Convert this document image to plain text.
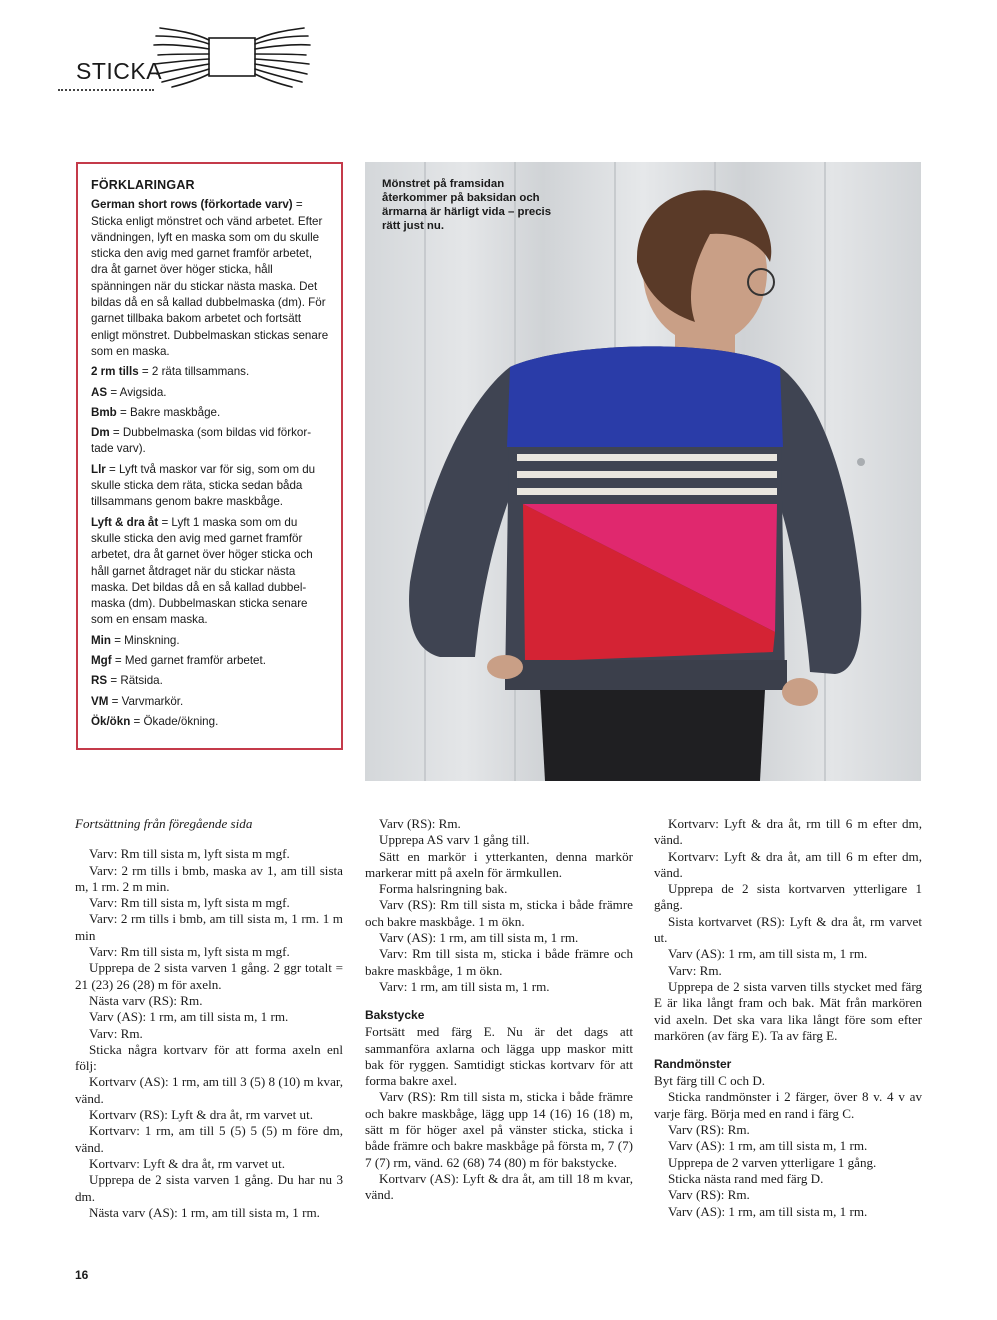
STICKA
FÖRKLARINGAR
German short rows (förkortade varv) = Sticka enligt mönstret och vänd arbetet. Efter vändningen, lyft en maska som om du skulle sticka den avig med garnet framför arbetet, dra åt garnet över höger sticka, håll spänningen när du stickar nästa maska. Det bildas då en så kallad dubbelmaska (dm). För garnet tillbaka bakom arbetet och fortsätt enligt mönstret. Dubbelmaskan stickas senare som en maska.
2 rm tills = 2 räta tillsammans.
AS = Avigsida.
Bmb = Bakre maskbåge.
Dm = Dubbelmaska (som bildas vid förkortade varv).
Llr = Lyft två maskor var för sig, som om du skulle sticka dem räta, sticka sedan båda tillsammans genom bakre maskbåge.
Lyft & dra åt = Lyft 1 maska som om du skulle sticka den avig med garnet framför arbetet, dra åt garnet över höger sticka och håll garnet åtdraget när du stickar nästa maska. Det bildas då en så kallad dubbelmaska (dm). Dubbelmaskan sticka senare som en ensam maska.
Min = Minskning.
Mgf = Med garnet framför arbetet.
RS = Rätsida.
VM = Varvmarkör.
Ök/ökn = Ökade/ökning.
Mönstret på framsidan återkommer på baksidan och ärmarna är härligt vida – precis rätt just nu.

Fortsättning från föregående sida

Varv: Rm till sista m, lyft sista m mgf.

Varv: 2 rm tills i bmb, maska av 1, am till sista m, 1 rm. 2 m min.

Varv: Rm till sista m, lyft sista m mgf.

Varv: 2 rm tills i bmb, am till sista m, 1 rm. 1 m min

Varv: Rm till sista m, lyft sista m mgf.

Upprepa de 2 sista varven 1 gång. 2 ggr totalt = 21 (23) 26 (28) m för axeln.

Nästa varv (RS): Rm.

Varv (AS): 1 rm, am till sista m, 1 rm.

Varv: Rm.

Sticka några kortvarv för att forma axeln enl följ:

Kortvarv (AS): 1 rm, am till 3 (5) 8 (10) m kvar, vänd.

Kortvarv (RS): Lyft & dra åt, rm varvet ut.

Kortvarv: 1 rm, am till 5 (5) 5 (5) m före dm, vänd.

Kortvarv: Lyft & dra åt, rm varvet ut.

Upprepa de 2 sista varven 1 gång. Du har nu 3 dm.

Nästa varv (AS): 1 rm, am till sista m, 1 rm.

Varv (RS): Rm.

Upprepa AS varv 1 gång till.

Sätt en markör i ytterkanten, denna markör markerar mitt på axeln för ärmkullen.

Forma halsringning bak.

Varv (RS): Rm till sista m, sticka i både främre och bakre maskbåge. 1 m ökn.

Varv (AS): 1 rm, am till sista m, 1 rm.

Varv: Rm till sista m, sticka i både främre och bakre maskbåge, 1 m ökn.

Varv: 1 rm, am till sista m, 1 rm.

Bakstycke

Fortsätt med färg E. Nu är det dags att sammanföra axlarna och lägga upp maskor mitt bak för ryggen. Samtidigt stickas kortvarv för att forma bakre axel.

Varv (RS): Rm till sista m, sticka i både främre och bakre maskbåge, lägg upp 14 (16) 16 (18) m, sätt m för höger axel på vänster sticka, sticka i både främre och bakre maskbåge på första m, 7 (7) 7 (7) rm, vänd. 62 (68) 74 (80) m för bakstycke.

Kortvarv (AS): Lyft & dra åt, am till 18 m kvar, vänd.

Kortvarv: Lyft & dra åt, rm till 6 m efter dm, vänd.

Kortvarv: Lyft & dra åt, am till 6 m efter dm, vänd.

Upprepa de 2 sista kortvarven ytterligare 1 gång.

Sista kortvarvet (RS): Lyft & dra åt, rm varvet ut.

Varv (AS): 1 rm, am till sista m, 1 rm.

Varv: Rm.

Upprepa de 2 sista varven tills stycket med färg E är lika långt fram och bak. Mät från markören vid axeln. Det ska vara lika långt före som efter markören (av färg E). Ta av färg E.

Randmönster

Byt färg till C och D.

Sticka randmönster i 2 färger, över 8 v. 4 v av varje färg. Börja med en rand i färg C.

Varv (RS): Rm.

Varv (AS): 1 rm, am till sista m, 1 rm.

Upprepa de 2 varven ytterligare 1 gång.

Sticka nästa rand med färg D.

Varv (RS): Rm.

Varv (AS): 1 rm, am till sista m, 1 rm.

16
